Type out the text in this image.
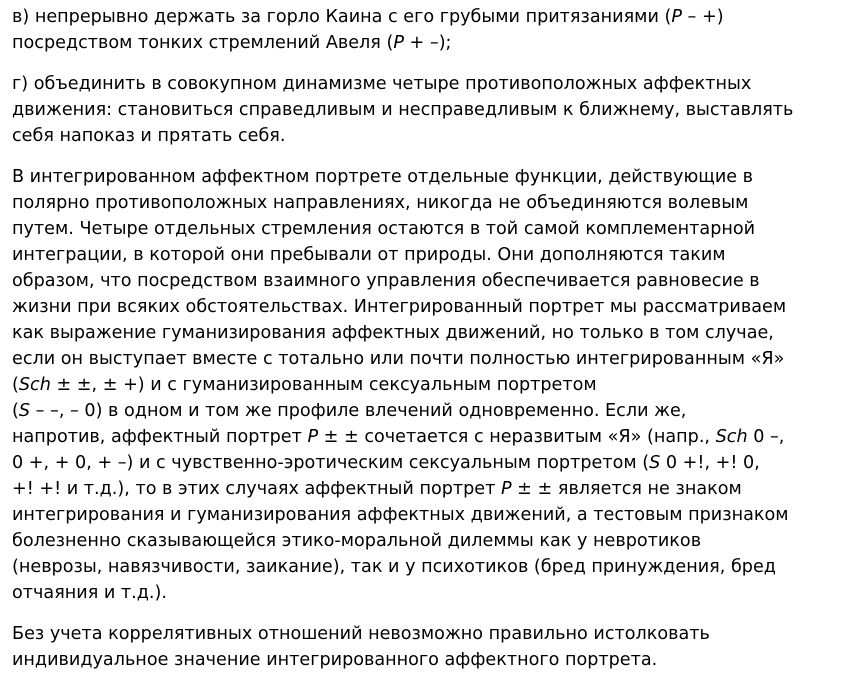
в) непрерывно держать за горло Каина с его грубыми притязаниями (P – +)
посредством тонких стремлений Авеля (P + –);
г) объединить в совокупном динамизме четыре противоположных аффектных
движения: становиться справедливым и несправедливым к ближнему, выставлять
себя напоказ и прятать себя.
В интегрированном аффектном портрете отдельные функции, действующие в
полярно противоположных направлениях, никогда не объединяются волевым
путем. Четыре отдельных стремления остаются в той самой комплементарной
интеграции, в которой они пребывали от природы. Они дополняются таким
образом, что посредством взаимного управления обеспечивается равновесие в
жизни при всяких обстоятельствах. Интегрированный портрет мы рассматриваем
как выражение гуманизирования аффектных движений, но только в том случае,
если он выступает вместе с тотально или почти полностью интегрированным «Я»
(Sch ± ±, ± +) и с гуманизированным сексуальным портретом
(S – –, – 0) в одном и том же профиле влечений одновременно. Если же,
напротив, аффектный портрет P ± ± сочетается с неразвитым «Я» (напр., Sch 0 –,
0 +, + 0, + –) и с чувственно-эротическим сексуальным портретом (S 0 +!, +! 0,
+! +! и т.д.), то в этих случаях аффектный портрет P ± ± является не знаком
интегрирования и гуманизирования аффектных движений, а тестовым признаком
болезненно сказывающейся этико-моральной дилеммы как у невротиков
(неврозы, навязчивости, заикание), так и у психотиков (бред принуждения, бред
отчаяния и т.д.).
Без учета коррелятивных отношений невозможно правильно истолковать
индивидуальное значение интегрированного аффектного портрета.
